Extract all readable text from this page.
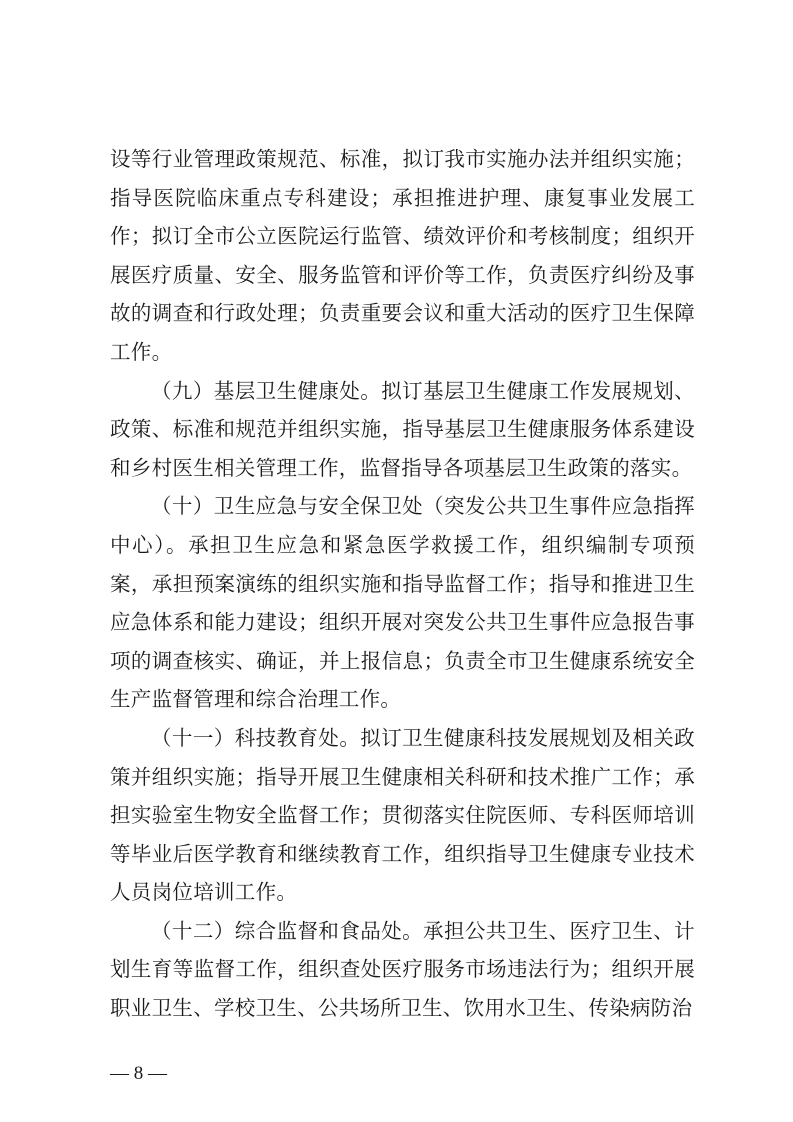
设等行业管理政策规范、标准，拟订我市实施办法并组织实施；指导医院临床重点专科建设；承担推进护理、康复事业发展工作；拟订全市公立医院运行监管、绩效评价和考核制度；组织开展医疗质量、安全、服务监管和评价等工作，负责医疗纠纷及事故的调查和行政处理；负责重要会议和重大活动的医疗卫生保障工作。

（九）基层卫生健康处。拟订基层卫生健康工作发展规划、政策、标准和规范并组织实施，指导基层卫生健康服务体系建设和乡村医生相关管理工作，监督指导各项基层卫生政策的落实。

（十）卫生应急与安全保卫处（突发公共卫生事件应急指挥中心）。承担卫生应急和紧急医学救援工作，组织编制专项预案，承担预案演练的组织实施和指导监督工作；指导和推进卫生应急体系和能力建设；组织开展对突发公共卫生事件应急报告事项的调查核实、确证，并上报信息；负责全市卫生健康系统安全生产监督管理和综合治理工作。

（十一）科技教育处。拟订卫生健康科技发展规划及相关政策并组织实施；指导开展卫生健康相关科研和技术推广工作；承担实验室生物安全监督工作；贯彻落实住院医师、专科医师培训等毕业后医学教育和继续教育工作，组织指导卫生健康专业技术人员岗位培训工作。

（十二）综合监督和食品处。承担公共卫生、医疗卫生、计划生育等监督工作，组织查处医疗服务市场违法行为；组织开展职业卫生、学校卫生、公共场所卫生、饮用水卫生、传染病防治

— 8 —
